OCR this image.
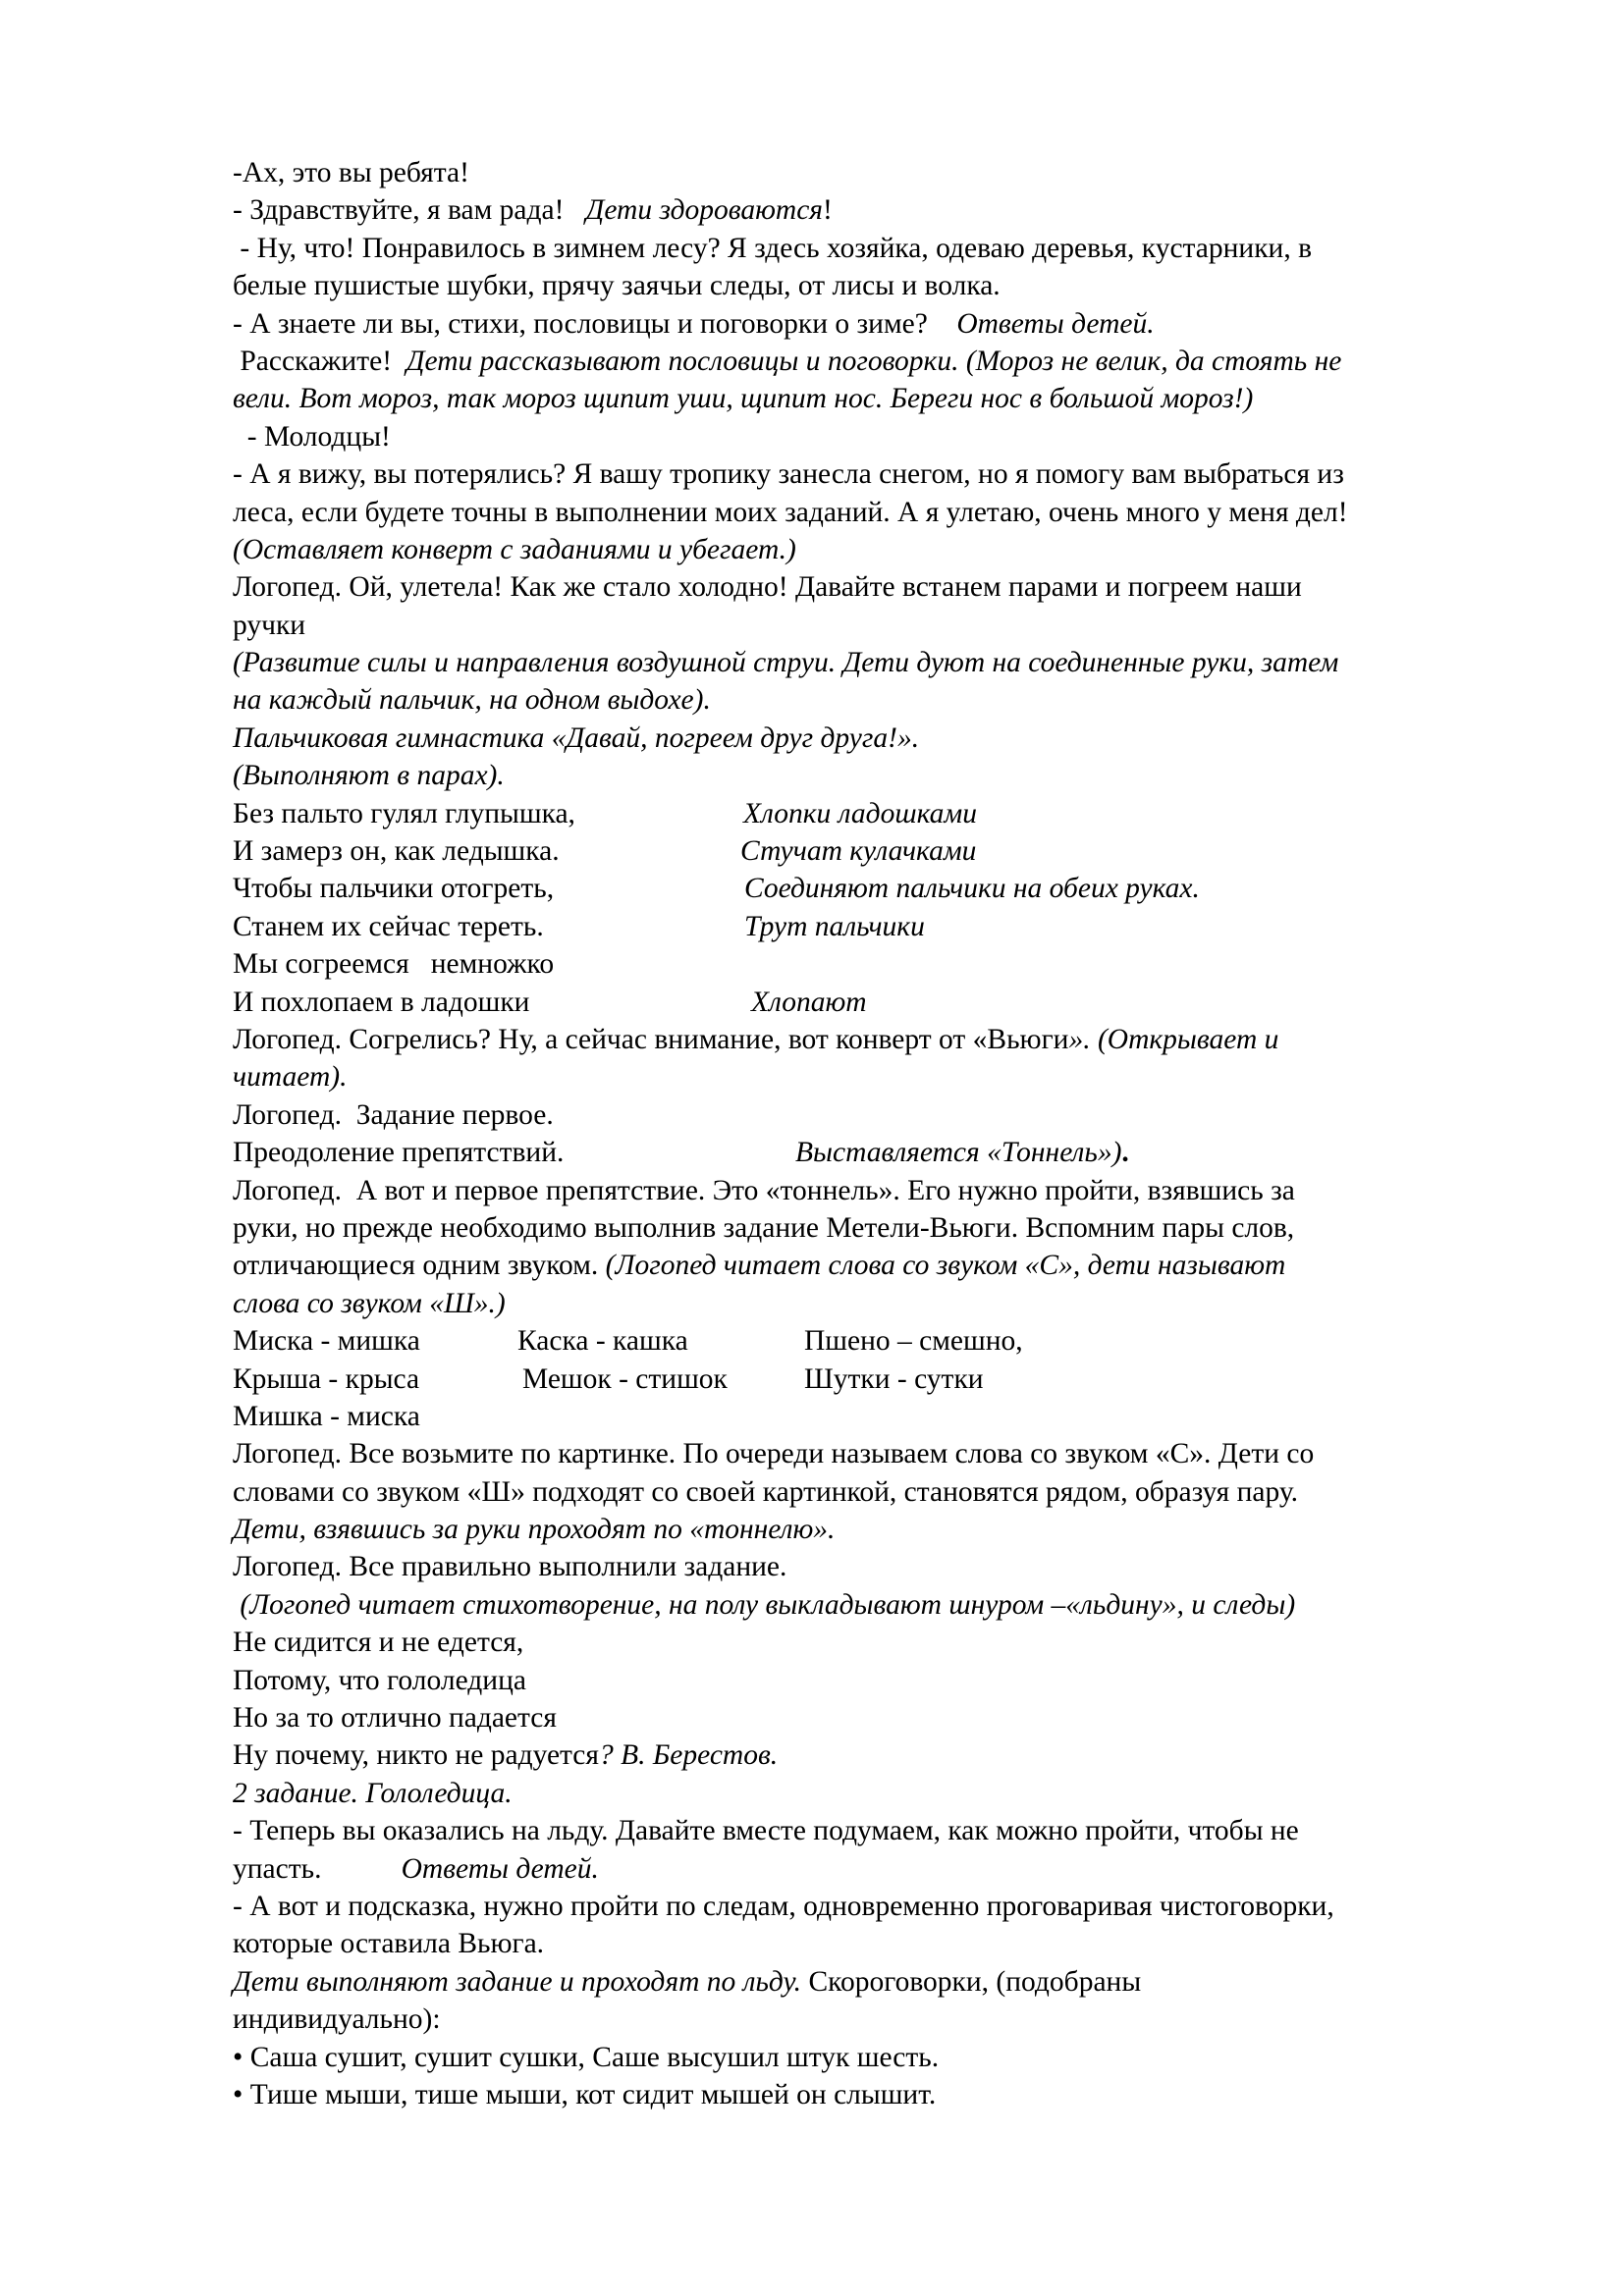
-Ах, это вы ребята!
- Здравствуйте, я вам рада!   Дети здороваются!
- Ну, что! Понравилось в зимнем лесу? Я здесь хозяйка, одеваю деревья, кустарники, в
белые пушистые шубки, прячу заячьи следы, от лисы и волка.
- А знаете ли вы, стихи, пословицы и поговорки о зиме?    Ответы детей.
Расскажите!  Дети рассказывают пословицы и поговорки. (Мороз не велик, да стоять не
вели. Вот мороз, так мороз щипит уши, щипит нос. Береги нос в большой мороз!)
- Молодцы!
- А я вижу, вы потерялись? Я вашу тропику занесла снегом, но я помогу вам выбраться из
леса, если будете точны в выполнении моих заданий. А я улетаю, очень много у меня дел!
(Оставляет конверт с заданиями и убегает.)
Логопед. Ой, улетела! Как же стало холодно! Давайте встанем парами и погреем наши
ручки
(Развитие силы и направления воздушной струи. Дети дуют на соединенные руки, затем
на каждый пальчик, на одном выдохе).
Пальчиковая гимнастика «Давай, погреем друг друга!».
(Выполняют в парах).
Без пальто гулял глупышка,	Хлопки ладошками
И замерз он, как ледышка.	Стучат кулачками
Чтобы пальчики отогреть,	Соединяют пальчики на обеих руках.
Станем их сейчас тереть.	Трут пальчики
Мы согреемся   немножко
И похлопаем в ладошки	Хлопают
Логопед. Согрелись? Ну, а сейчас внимание, вот конверт от «Вьюги». (Открывает и
читает).
Логопед.  Задание первое.

Преодоление препятствий.

	Выставляется «Тоннель»).

Логопед.  А вот и первое препятствие. Это «тоннель». Его нужно пройти, взявшись за
руки, но прежде необходимо выполнив задание Метели-Вьюги. Вспомним пары слов,
отличающиеся одним звуком. (Логопед читает слова со звуком «С», дети называют
слова со звуком «Ш».)
Миска - мишка	Каска - кашка	Пшено – смешно,
Крыша - крыса	Мешок - стишок	Шутки - сутки
Мишка - миска
Логопед. Все возьмите по картинке. По очереди называем слова со звуком «С». Дети со
словами со звуком «Ш» подходят со своей картинкой, становятся рядом, образуя пару.
Дети, взявшись за руки проходят по «тоннелю».
Логопед. Все правильно выполнили задание.
(Логопед читает стихотворение, на полу выкладывают шнуром –«льдину», и следы)
Не сидится и не едется,
Потому, что гололедица
Но за то отлично падается
Ну почему, никто не радуется? В. Берестов.
2 задание. Гололедица.
- Теперь вы оказались на льду. Давайте вместе подумаем, как можно пройти, чтобы не
упасть.           Ответы детей.
- А вот и подсказка, нужно пройти по следам, одновременно проговаривая чистоговорки,
которые оставила Вьюга.
Дети выполняют задание и проходят по льду. Скороговорки, (подобраны
индивидуально):
• Саша сушит, сушит сушки, Саше высушил штук шесть.
• Тише мыши, тише мыши, кот сидит мышей он слышит.
